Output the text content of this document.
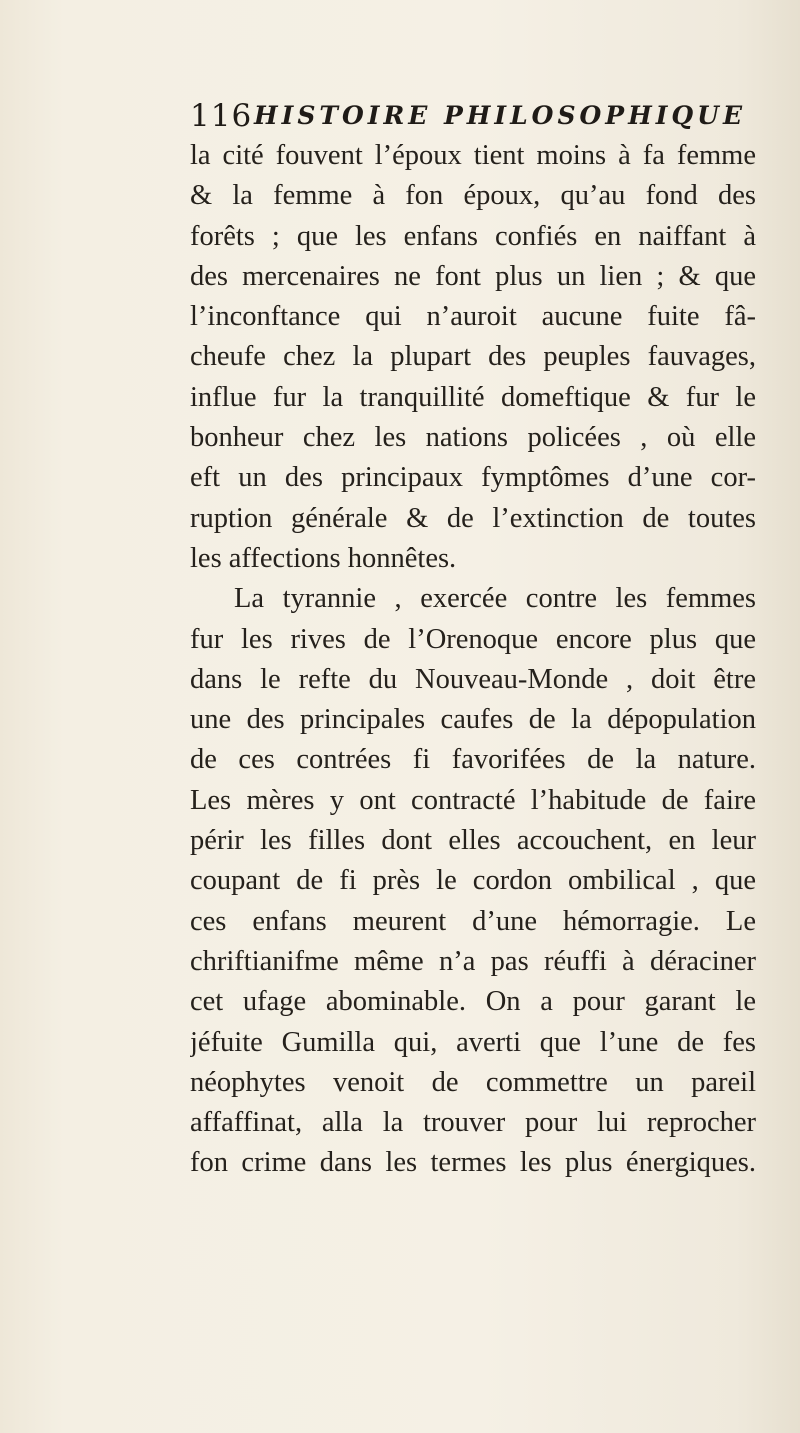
116 HISTOIRE PHILOSOPHIQUE
la cité fouvent l’époux tient moins à fa femme
& la femme à fon époux, qu’au fond des
forêts ; que les enfans confiés en naiffant à
des mercenaires ne font plus un lien ; & que
l’inconftance qui n’auroit aucune fuite fâ-
cheufe chez la plupart des peuples fauvages,
influe fur la tranquillité domeftique & fur le
bonheur chez les nations policées , où elle
eft un des principaux fymptômes d’une cor-
ruption générale & de l’extinction de toutes
les affections honnêtes.
La tyrannie , exercée contre les femmes
fur les rives de l’Orenoque encore plus que
dans le refte du Nouveau-Monde , doit être
une des principales caufes de la dépopulation
de ces contrées fi favorifées de la nature.
Les mères y ont contracté l’habitude de faire
périr les filles dont elles accouchent, en leur
coupant de fi près le cordon ombilical , que
ces enfans meurent d’une hémorragie. Le
chriftianifme même n’a pas réuffi à déraciner
cet ufage abominable. On a pour garant le
jéfuite Gumilla qui, averti que l’une de fes
néophytes venoit de commettre un pareil
affaffinat, alla la trouver pour lui reprocher
fon crime dans les termes les plus énergiques.
